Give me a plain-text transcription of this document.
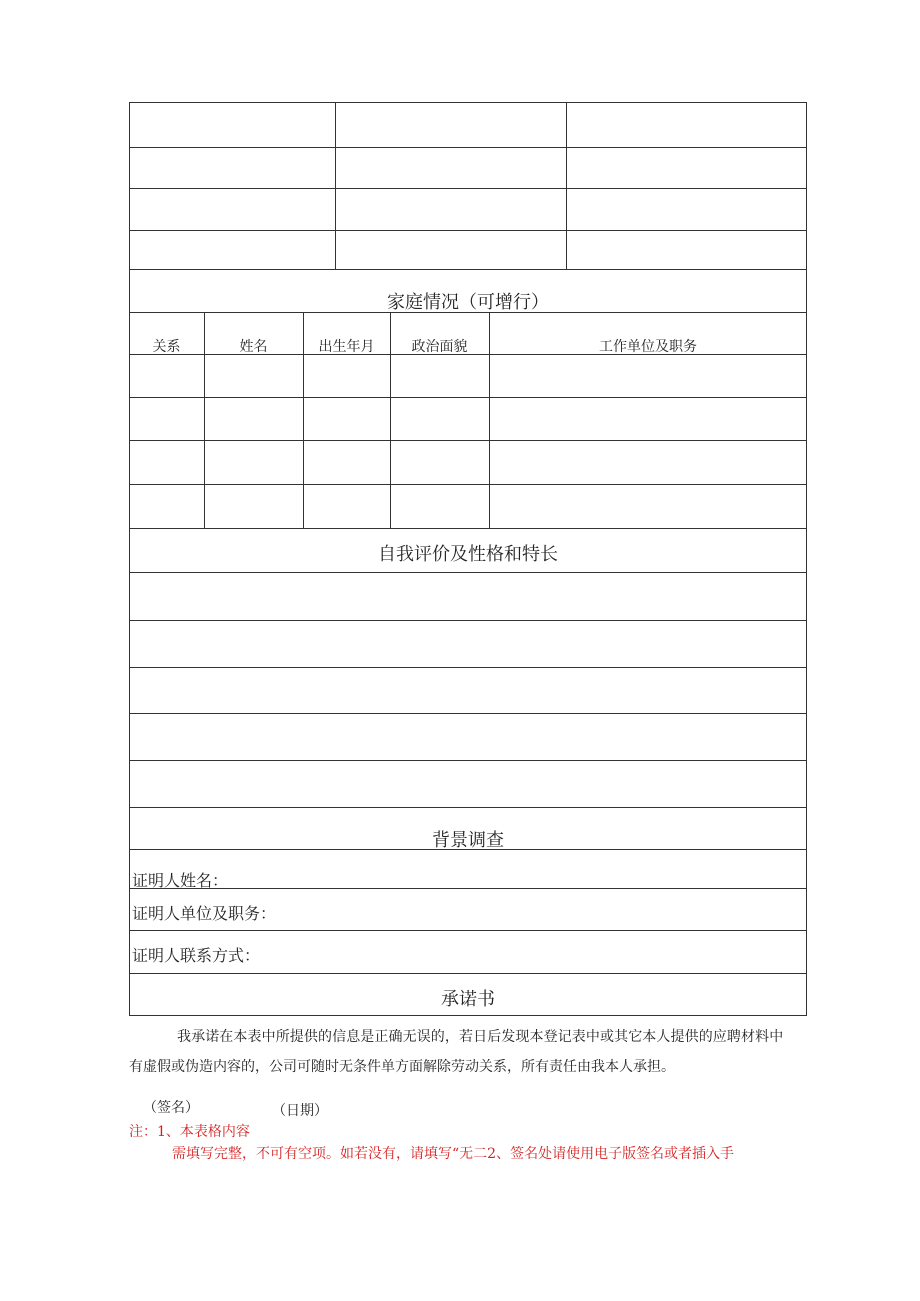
家庭情况（可增行）
关系	姓名	出生年月	政治面貌	工作单位及职务
自我评价及性格和特长
背景调查
证明人姓名：
证明人单位及职务：
证明人联系方式：
承诺书
我承诺在本表中所提供的信息是正确无误的，若日后发现本登记表中或其它本人提供的应聘材料中
有虚假或伪造内容的，公司可随时无条件单方面解除劳动关系，所有责任由我本人承担。
（签名）	（日期）
注：1、本表格内容
需填写完整，不可有空项。如若没有，请填写“无二2、签名处请使用电子版签名或者插入手
